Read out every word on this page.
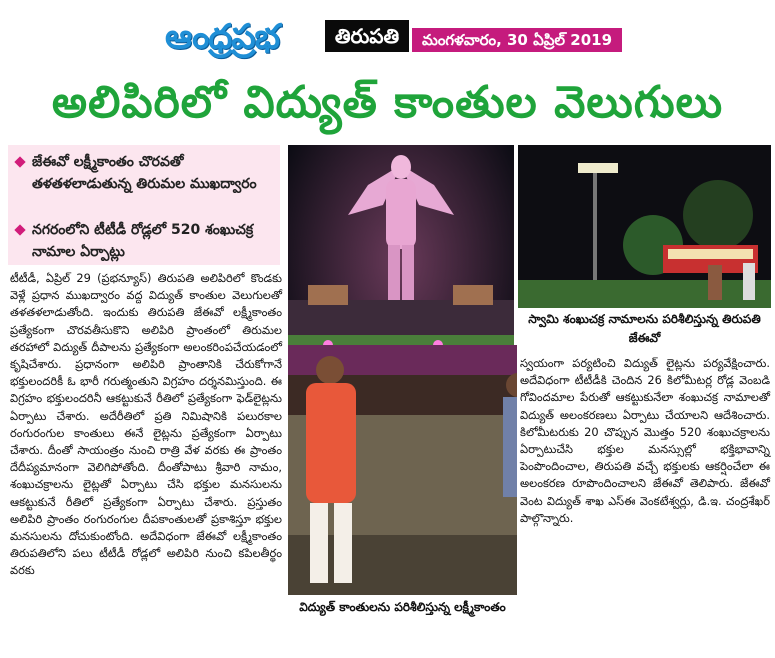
ఆంధ్రప్రభ	తిరుపతి	మంగళవారం, 30 ఏప్రిల్ 2019
అలిపిరిలో విద్యుత్ కాంతుల వెలుగులు
జేఈవో లక్ష్మీకాంతం చొరవతో తళతళలాడుతున్న తిరుమల ముఖద్వారం
నగరంలోని టీటీడీ రోడ్లలో 520 శంఖుచక్ర నామాల ఏర్పాట్లు
టీటీడీ, ఏప్రిల్ 29 (ప్రభన్యూస్) తిరుపతి అలిపిరిలో కొండకు వెళ్లే ప్రధాన ముఖద్వారం వద్ద విద్యుత్ కాంతుల వెలుగులతో తళతళలాడుతోంది. ఇందుకు తిరుపతి జేఈవో లక్ష్మీకాంతం ప్రత్యేకంగా చొరవతీసుకొని అలిపిరి ప్రాంతంలో తిరుమల తరహాలో విద్యుత్ దీపాలను ప్రత్యేకంగా అలంకరింపచేయడంలో కృషిచేశారు. ప్రధానంగా అలిపిరి ప్రాంతానికి చేరుకోగానే భక్తులందరికీ ఓ భారీ గరుత్మంతుని విగ్రహం దర్శనమిస్తుంది. ఈ విగ్రహం భక్తులందరినీ ఆకట్టుకునే రీతిలో ప్రత్యేకంగా ఫెడ్‌లైట్లను ఏర్పాటు చేశారు. అదేరీతిలో ప్రతి నిమిషానికి పలురకాల రంగురంగుల కాంతులు ఈనే లైట్లను ప్రత్యేకంగా ఏర్పాటు చేశారు. దీంతో సాయంత్రం నుంచి రాత్రి వేళ వరకు ఈ ప్రాంతం దేదీప్యమానంగా వెలిగిపోతోంది. దీంతోపాటు శ్రీవారి నామం, శంఖుచక్రాలను లైట్లతో ఏర్పాటు చేసి భక్తుల మనసులను ఆకట్టుకునే రీతిలో ప్రత్యేకంగా ఏర్పాటు చేశారు. ప్రస్తుతం అలిపిరి ప్రాంతం రంగురంగుల దీపకాంతులతో ప్రకాశిస్తూ భక్తుల మనసులను దోచుకుంటోంది. అదేవిధంగా జేఈవో లక్ష్మీకాంతం తిరుపతిలోని పలు టీటీడీ రోడ్లలో అలిపిరి నుంచి కపిలతీర్థం వరకు
స్వామి శంఖుచక్ర నామాలను పరిశీలిస్తున్న తిరుపతి జేఈవో
స్వయంగా పర్యటించి విద్యుత్ లైట్లను పర్యవేక్షించారు. అదేవిధంగా టీటీడీకి చెందిన 26 కిలోమీటర్ల రోడ్ల వెంబడి గోవిందమాల పేరుతో ఆకట్టుకునేలా శంఖుచక్ర నామాలతో విద్యుత్ అలంకరణలు ఏర్పాటు చేయాలని ఆదేశించారు. కిలోమీటరుకు 20 చొప్పున మొత్తం 520 శంఖుచక్రాలను ఏర్పాటుచేసి భక్తుల మనస్సుల్లో భక్తిభావాన్ని పెంపొందించాల, తిరుపతి వచ్చే భక్తులకు ఆకర్షించేలా ఈ అలంకరణ రూపొందించాలని జేఈవో తెలిపారు. జేఈవో వెంట విద్యుత్ శాఖ ఎస్‌ఈ వెంకటేశ్వర్లు, డి.ఇ. చంద్రశేఖర్ పాల్గొన్నారు.
విద్యుత్ కాంతులను పరిశీలిస్తున్న లక్ష్మీకాంతం
